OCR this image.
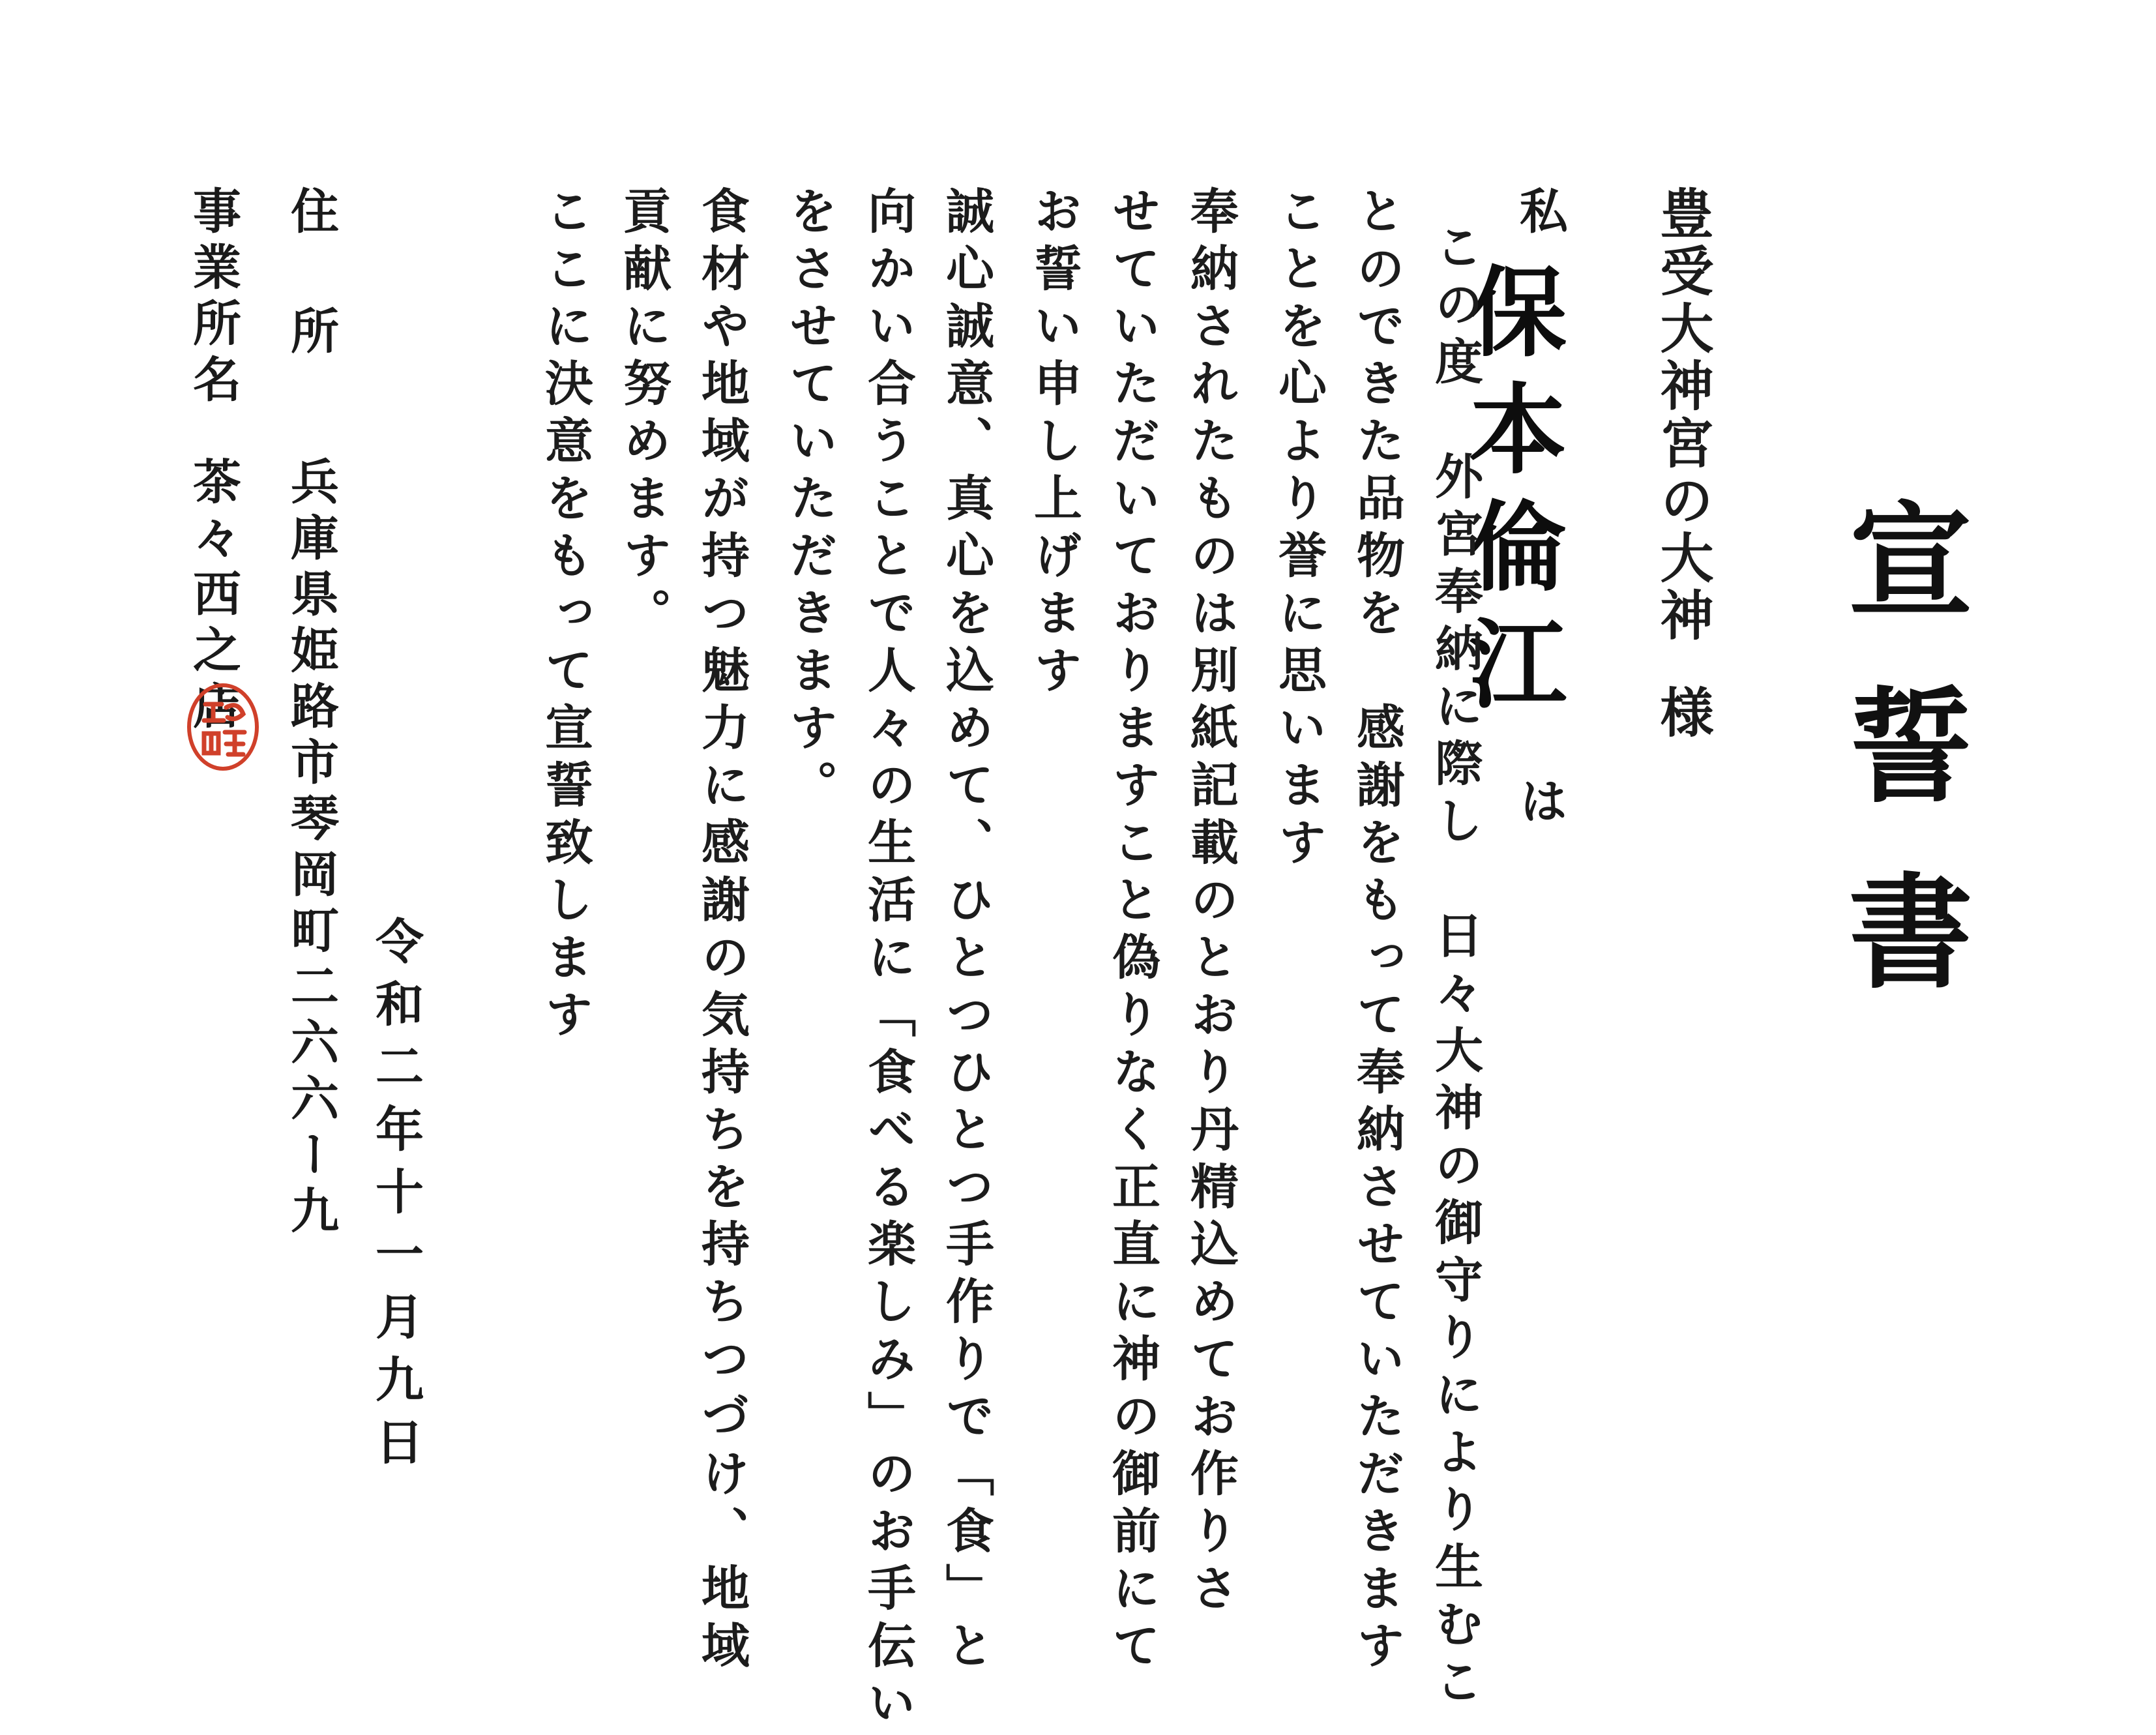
宣誓書
豊受大神宮の大神
様
私
保本倫江
は
この度　外宮奉納に際し　日々大神の御守りにより生むこ
とのできた品物を　感謝をもって奉納させていただきます
ことを心より誉に思います
奉納されたものは別紙記載のとおり丹精込めてお作りさ
せていただいておりますこと偽りなく正直に神の御前にて
お誓い申し上げます
誠心誠意、真心を込めて、ひとつひとつ手作りで「食」と
向かい合うことで人々の生活に「食べる楽しみ」のお手伝い
をさせていただきます。
食材や地域が持つ魅力に感謝の気持ちを持ちつづけ、地域
貢献に努めます。
ここに決意をもって宣誓致します
令和二年十一月九日
住所
兵庫県姫路市琴岡町二六六ー九
事業所名
茶々西之店
